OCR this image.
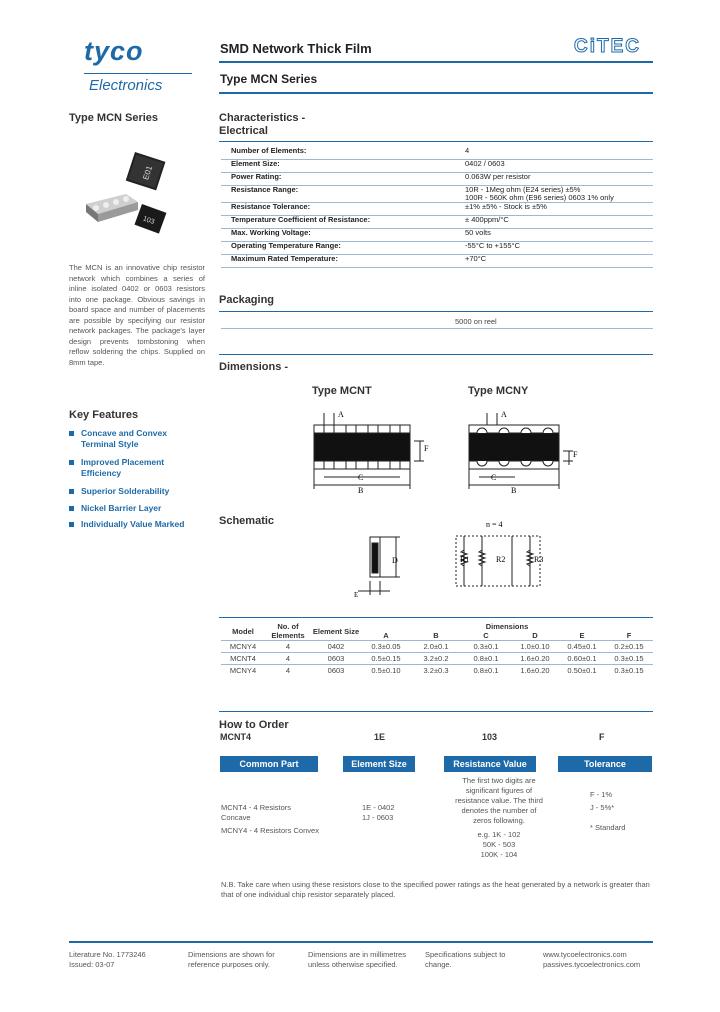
tyco
Electronics
CiTEC
SMD Network Thick Film
Type MCN Series
Type MCN Series
E01
103
The MCN is an innovative chip resistor network which combines a series of inline isolated 0402 or 0603 resistors into one package. Obvious savings in board space and number of placements are possible by specifying our resistor network packages. The package's layer design prevents tombstoning when reflow soldering the chips. Supplied on 8mm tape.
Key Features
Concave and Convex Terminal Style
Improved Placement Efficiency
Superior Solderability
Nickel Barrier Layer
Individually Value Marked
Characteristics -
Electrical
Number of Elements:	4
Element Size:	0402 / 0603
Power Rating:	0.063W per resistor
Resistance Range:	10R - 1Meg ohm (E24 series) ±5%
100R - 560K ohm (E96 series) 0603 1% only
Resistance Tolerance:	±1% ±5% - Stock is ±5%
Temperature Coefficient of Resistance:	± 400ppm/°C
Max. Working Voltage:	50 volts
Operating Temperature Range:	-55°C to +155°C
Maximum Rated Temperature:	+70°C
Packaging
5000 on reel
Dimensions -
Type MCNT	Type MCNY
A
C
B
F
A
C
B
F
Schematic
D
E
n = 4
R1	R2	R3
Model	No. of Elements	Element Size	Dimensions					
			A	B	C	D	E	F
MCNY4	4	0402	0.3±0.05	2.0±0.1	0.3±0.1	1.0±0.10	0.45±0.1	0.2±0.15
MCNT4	4	0603	0.5±0.15	3.2±0.2	0.8±0.1	1.6±0.20	0.60±0.1	0.3±0.15
MCNY4	4	0603	0.5±0.10	3.2±0.3	0.8±0.1	1.6±0.20	0.50±0.1	0.3±0.15
How to Order
MCNT4	1E	103	F
Common Part	Element Size	Resistance Value	Tolerance
MCNT4 - 4 Resistors Concave
MCNY4 - 4 Resistors Convex
1E - 0402
1J - 0603
The first two digits are
significant figures of
resistance value. The third
denotes the number of
zeros following.
e.g. 1K - 102
50K - 503
100K - 104
F - 1%
J - 5%*
* Standard
N.B. Take care when using these resistors close to the specified power ratings as the heat generated by a network is greater than that of one individual chip resistor separately placed.
Literature No. 1773246
Issued: 03-07
Dimensions are shown for
reference purposes only.
Dimensions are in millimetres
unless otherwise specified.
Specifications subject to
change.
www.tycoelectronics.com
passives.tycoelectronics.com
